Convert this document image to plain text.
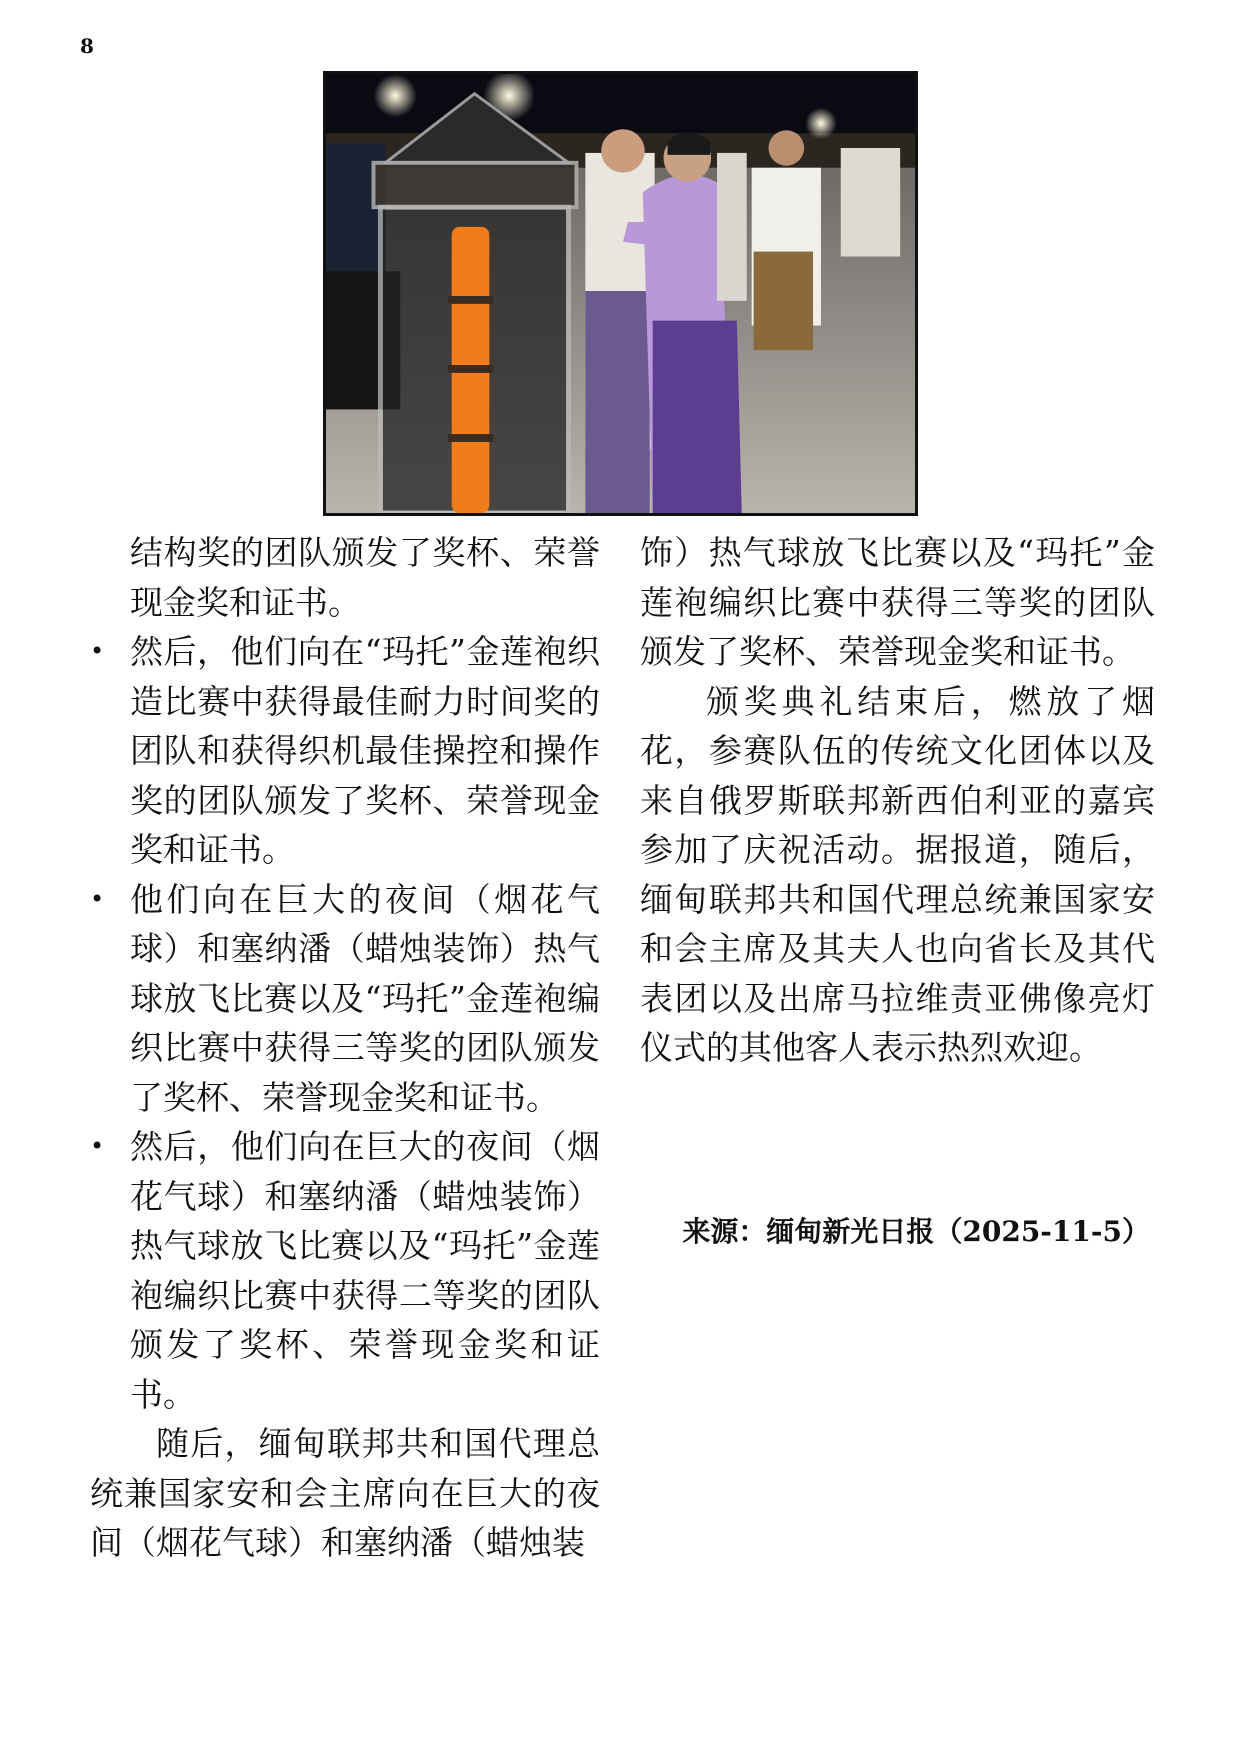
8

结构奖的团队颁发了奖杯、荣誉现金奖和证书。

• 然后，他们向在“玛托”金莲袍织造比赛中获得最佳耐力时间奖的团队和获得织机最佳操控和操作奖的团队颁发了奖杯、荣誉现金奖和证书。
• 他们向在巨大的夜间（烟花气球）和塞纳潘（蜡烛装饰）热气球放飞比赛以及“玛托”金莲袍编织比赛中获得三等奖的团队颁发了奖杯、荣誉现金奖和证书。
• 然后，他们向在巨大的夜间（烟花气球）和塞纳潘（蜡烛装饰）热气球放飞比赛以及“玛托”金莲袍编织比赛中获得二等奖的团队颁发了奖杯、荣誉现金奖和证书。

随后，缅甸联邦共和国代理总统兼国家安和会主席向在巨大的夜间（烟花气球）和塞纳潘（蜡烛装

饰）热气球放飞比赛以及“玛托”金莲袍编织比赛中获得三等奖的团队颁发了奖杯、荣誉现金奖和证书。

颁奖典礼结束后，燃放了烟花，参赛队伍的传统文化团体以及来自俄罗斯联邦新西伯利亚的嘉宾参加了庆祝活动。据报道，随后，缅甸联邦共和国代理总统兼国家安和会主席及其夫人也向省长及其代表团以及出席马拉维责亚佛像亮灯仪式的其他客人表示热烈欢迎。

来源：缅甸新光日报（2025-11-5）
